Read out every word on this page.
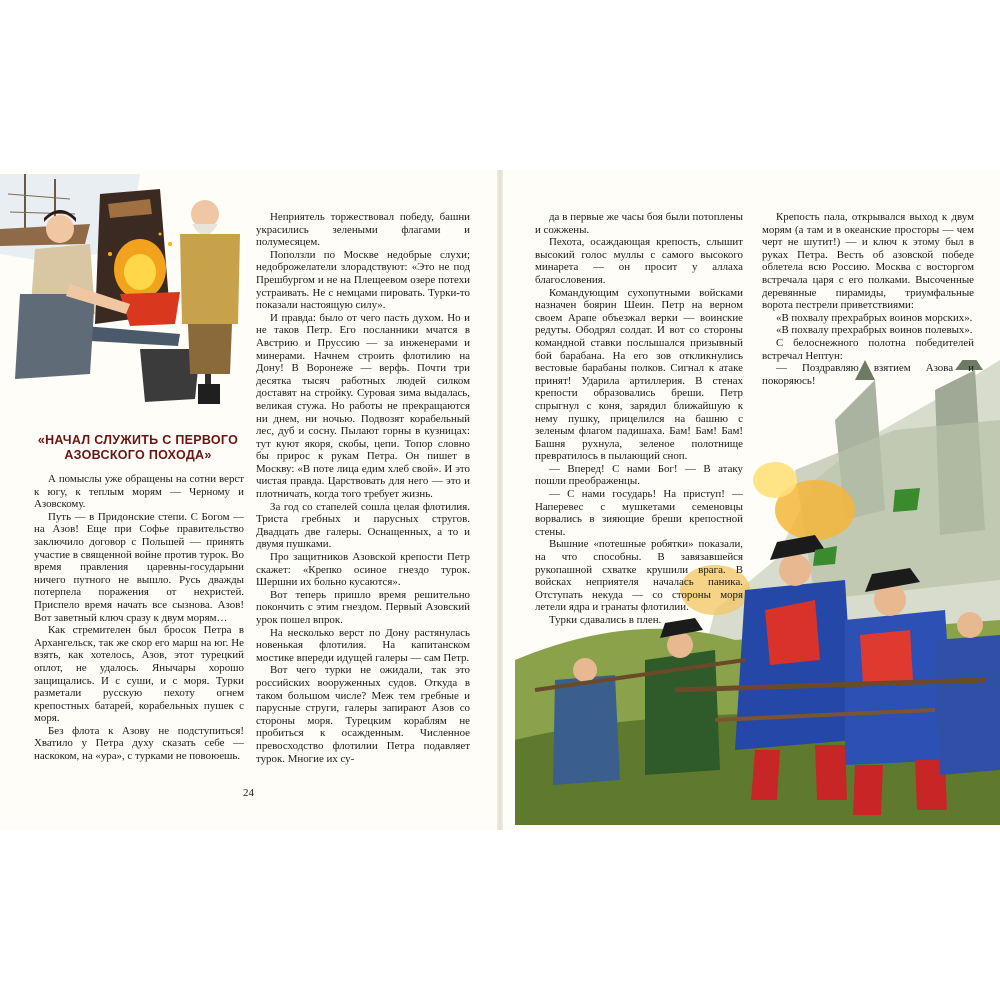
«НАЧАЛ СЛУЖИТЬ С ПЕРВОГО АЗОВСКОГО ПОХОДА»

А помыслы уже обращены на сотни верст к югу, к теплым морям — Черному и Азовскому.

Путь — в Придонские степи. С Богом — на Азов! Еще при Софье правительство заключило договор с Польшей — принять участие в священной войне против турок. Во время правления царевны-государыни ничего путного не вышло. Русь дважды потерпела поражения от нехристей. Приспело время начать все сызнова. Азов! Вот заветный ключ сразу к двум морям…

Как стремителен был бросок Петра в Архангельск, так же скор его марш на юг. Не взять, как хотелось, Азов, этот турецкий оплот, не удалось. Янычары хорошо защищались. И с суши, и с моря. Турки разметали русскую пехоту огнем крепостных батарей, корабельных пушек с моря.

Без флота к Азову не подступиться! Хватило у Петра духу сказать себе — наскоком, на «ура», с турками не повоюешь.

Неприятель торжествовал победу, башни украсились зелеными флагами и полумесяцем.

Поползли по Москве недобрые слухи; недоброжелатели злорадствуют: «Это не под Прешбургом и не на Плещеевом озере потехи устраивать. Не с немцами пировать. Турки-то показали настоящую силу».

И правда: было от чего пасть духом. Но и не таков Петр. Его посланники мчатся в Австрию и Пруссию — за инженерами и минерами. Начнем строить флотилию на Дону! В Воронеже — верфь. Почти три десятка тысяч работных людей силком доставят на стройку. Суровая зима выдалась, великая стужа. Но работы не прекращаются ни днем, ни ночью. Подвозят корабельный лес, дуб и сосну. Пылают горны в кузницах: тут куют якоря, скобы, цепи. Топор словно бы прирос к рукам Петра. Он пишет в Москву: «В поте лица едим хлеб свой». И это чистая правда. Царствовать для него — это и плотничать, когда того требует жизнь.

За год со стапелей сошла целая флотилия. Триста гребных и парусных стругов. Двадцать две галеры. Оснащенных, а то и двумя пушками.

Про защитников Азовской крепости Петр скажет: «Крепко осиное гнездо турок. Шершни их больно кусаются».

Вот теперь пришло время решительно покончить с этим гнездом. Первый Азовский урок пошел впрок.

На несколько верст по Дону растянулась новенькая флотилия. На капитанском мостике впереди идущей галеры — сам Петр.

Вот чего турки не ожидали, так это российских вооруженных судов. Откуда в таком большом числе? Меж тем гребные и парусные струги, галеры запирают Азов со стороны моря. Турецким кораблям не пробиться к осажденным. Численное превосходство флотилии Петра подавляет турок. Многие их су-

24

да в первые же часы боя были потоплены и сожжены.

Пехота, осаждающая крепость, слышит высокий голос муллы с самого высокого минарета — он просит у аллаха благословения.

Командующим сухопутными войсками назначен боярин Шеин. Петр на верном своем Арапе объезжал верки — воинские редуты. Ободрял солдат. И вот со стороны командной ставки послышался призывный бой барабана. На его зов откликнулись вестовые барабаны полков. Сигнал к атаке принят! Ударила артиллерия. В стенах крепости образовались бреши. Петр спрыгнул с коня, зарядил ближайшую к нему пушку, прицелился на башню с зеленым флагом падишаха. Бам! Бам! Бам! Башня рухнула, зеленое полотнище превратилось в пылающий сноп.

— Вперед! С нами Бог! — В атаку пошли преображенцы.

— С нами государь! На приступ! — Наперевес с мушкетами семеновцы ворвались в зияющие бреши крепостной стены.

Вышние «потешные робятки» показали, на что способны. В завязавшейся рукопашной схватке крушили врага. В войсках неприятеля началась паника. Отступать некуда — со стороны моря летели ядра и гранаты флотилии.

Турки сдавались в плен.

Крепость пала, открывался выход к двум морям (а там и в океанские просторы — чем черт не шутит!) — и ключ к этому был в руках Петра. Весть об азовской победе облетела всю Россию. Москва с восторгом встречала царя с его полками. Высоченные деревянные пирамиды, триумфальные ворота пестрели приветствиями:

«В похвалу прехрабрых воинов морских».

«В похвалу прехрабрых воинов полевых».

С белоснежного полотна победителей встречал Нептун:

— Поздравляю взятием Азова и покоряюсь!
